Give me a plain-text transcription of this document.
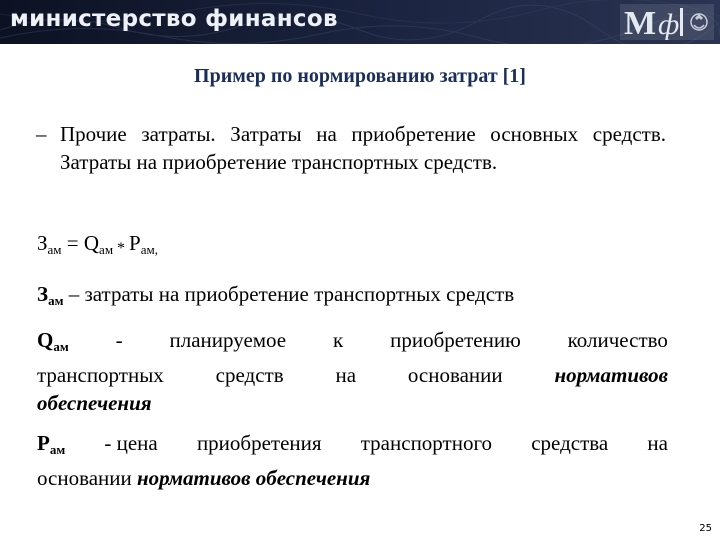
министерство финансов	M ф
Пример по нормированию затрат [1]
– Прочие затраты. Затраты на приобретение основных средств. Затраты на приобретение транспортных средств.
$З_{ам} = Q_{ам} * Р_{ам,}$
$З_{ам}$ – затраты на приобретение транспортных средств
$Q_{ам}$ - планируемое к приобретению количество
транспортных средств на основании нормативов
обеспечения
$Р_{ам}$ - цена приобретения транспортного средства на
основании нормативов обеспечения
25
